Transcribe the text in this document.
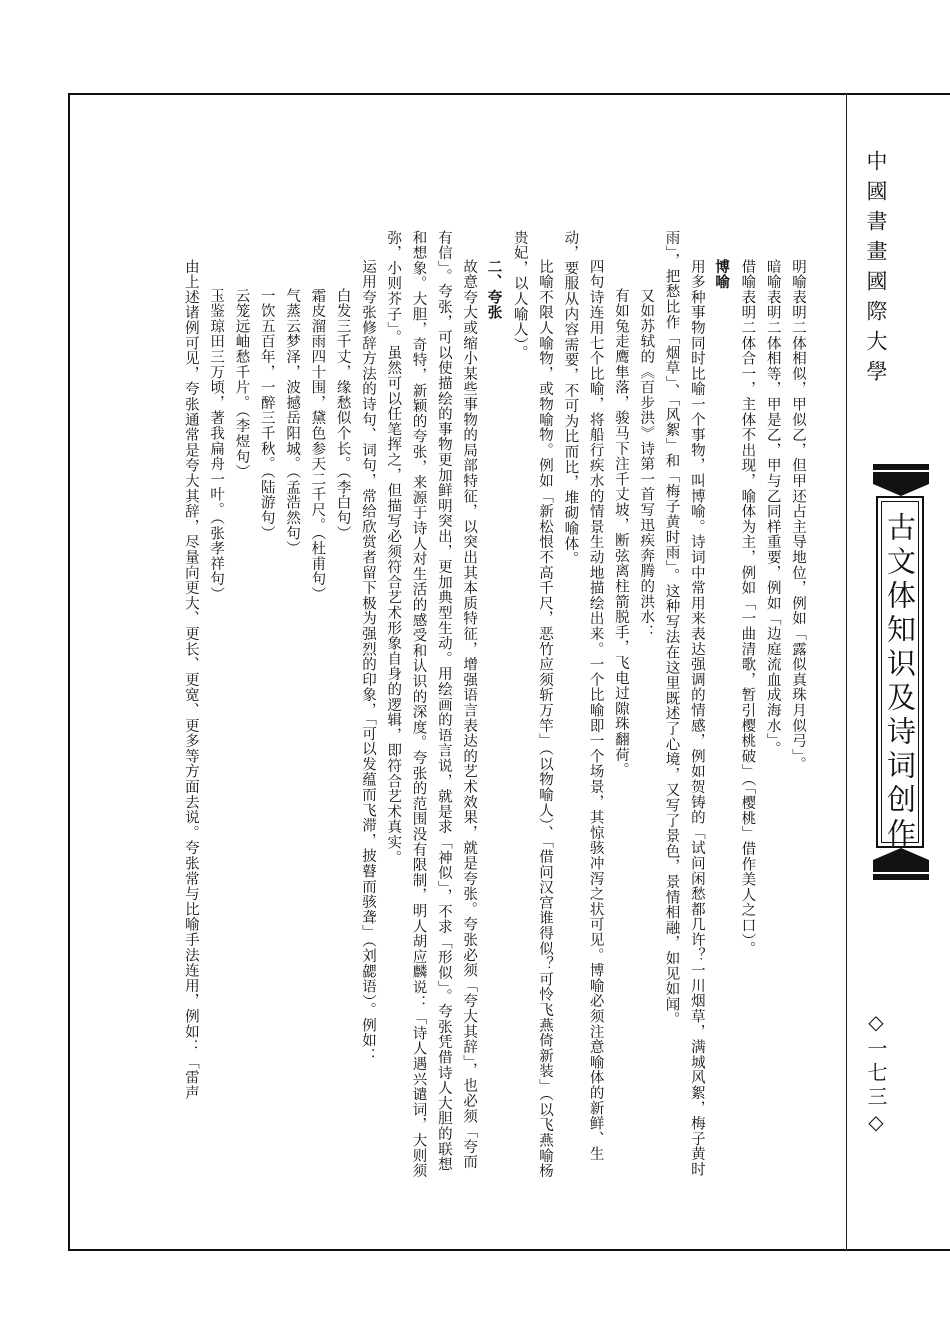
中國書畫國際大學
古文体知识及诗词创作
◇一七三◇

明喻表明二体相似，甲似乙，但甲还占主导地位，例如「露似真珠月似弓」。

暗喻表明二体相等，甲是乙，甲与乙同样重要，例如「边庭流血成海水」。

借喻表明二体合一，主体不出现，喻体为主，例如「一曲清歌，暂引樱桃破」（「樱桃」借作美人之口）。

博喻

用多种事物同时比喻一个事物，叫博喻。诗词中常用来表达强调的情感，例如贺铸的「试问闲愁都几许？一川烟草，满城风絮，梅子黄时雨」，把愁比作「烟草」、「风絮」和「梅子黄时雨」。这种写法在这里既述了心境，又写了景色，景情相融，如见如闻。

又如苏轼的《百步洪》诗第一首写迅疾奔腾的洪水：

有如兔走鹰隼落，骏马下注千丈坡，断弦离柱箭脱手，飞电过隙珠翻荷。

四句诗连用七个比喻，将船行疾水的情景生动地描绘出来。一个比喻即一个场景，其惊骇冲泻之状可见。博喻必须注意喻体的新鲜、生动，要服从内容需要，不可为比而比，堆砌喻体。

比喻不限人喻物，或物喻物。例如「新松恨不高千尺，恶竹应须斩万竿」（以物喻人）、「借问汉宫谁得似？可怜飞燕倚新装」（以飞燕喻杨贵妃，以人喻人）。

二、夸张

故意夸大或缩小某些事物的局部特征，以突出其本质特征，增强语言表达的艺术效果，就是夸张。夸张必须「夸大其辞」，也必须「夸而有信」。夸张，可以使描绘的事物更加鲜明突出，更加典型生动。用绘画的语言说，就是求「神似」，不求「形似」。夸张凭借诗人大胆的联想和想象。大胆，奇特，新颖的夸张，来源于诗人对生活的感受和认识的深度。夸张的范围没有限制，明人胡应麟说：「诗人遇兴谴词，大则须弥，小则芥子」。虽然可以任笔挥之，但描写必须符合艺术形象自身的逻辑，即符合艺术真实。

运用夸张修辞方法的诗句、词句，常给欣赏者留下极为强烈的印象，「可以发蕴而飞滞，披瞽而骇聋」（刘勰语）。例如：

白发三千丈，缘愁似个长。（李白句）

霜皮溜雨四十围，黛色参天二千尺。（杜甫句）

气蒸云梦泽，波撼岳阳城。（孟浩然句）

一饮五百年，一醉三千秋。（陆游句）

云笼远岫愁千片。（李煜句）

玉鉴琼田三万顷，著我扁舟一叶。（张孝祥句）

由上述诸例可见，夸张通常是夸大其辞，尽量向更大、更长、更宽、更多等方面去说。夸张常与比喻手法连用，例如：「雷声
